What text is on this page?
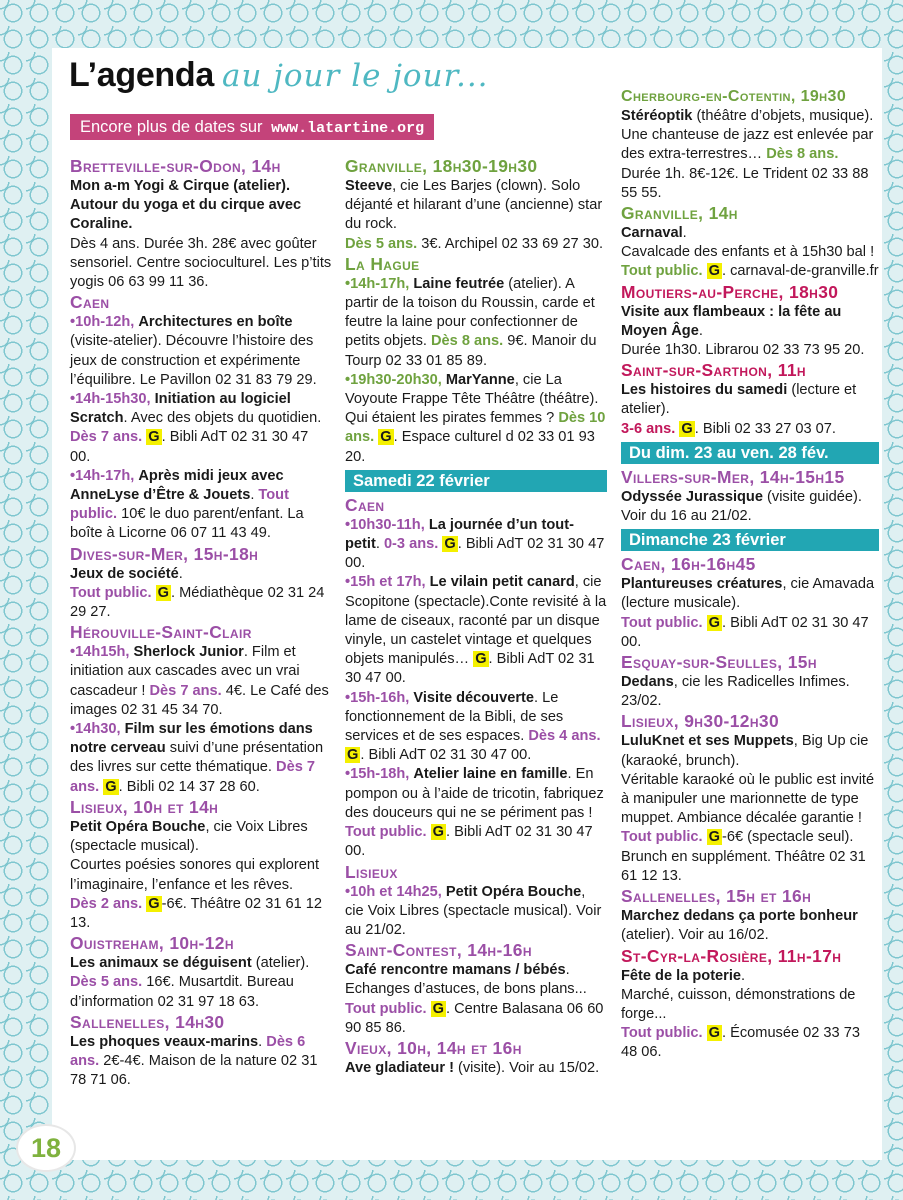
L’agenda au jour le jour...
Encore plus de dates sur www.latartine.org

Bretteville-sur-Odon, 14h

Mon a-m Yogi & Cirque (atelier). Autour du yoga et du cirque avec Coraline.

Dès 4 ans. Durée 3h. 28€ avec goûter sensoriel. Centre socioculturel. Les p’tits yogis 06 63 99 11 36.

Caen

•10h-12h, Architectures en boîte (visite-atelier). Découvre l’histoire des jeux de construction et expérimente l’équilibre. Le Pavillon 02 31 83 79 29.

•14h-15h30, Initiation au logiciel Scratch. Avec des objets du quotidien. Dès 7 ans. G . Bibli AdT 02 31 30 47 00.

•14h-17h, Après midi jeux avec AnneLyse d’Être & Jouets. Tout public. 10€ le duo parent/enfant. La boîte à Licorne 06 07 11 43 49.

Dives-sur-Mer, 15h-18h

Jeux de société.
Tout public. G . Médiathèque 02 31 24 29 27.

Hérouville-Saint-Clair

•14h15h, Sherlock Junior. Film et initiation aux cascades avec un vrai cascadeur ! Dès 7 ans. 4€. Le Café des images 02 31 45 34 70.

•14h30, Film sur les émotions dans notre cerveau suivi d’une présentation des livres sur cette thématique. Dès 7 ans. G . Bibli 02 14 37 28 60.

Lisieux, 10h et 14h

Petit Opéra Bouche, cie Voix Libres (spectacle musical).
Courtes poésies sonores qui explorent l’imaginaire, l’enfance et les rêves.
Dès 2 ans. G -6€. Théâtre 02 31 61 12 13.

Ouistreham, 10h-12h

Les animaux se déguisent (atelier).
Dès 5 ans. 16€. Musartdit. Bureau d’information 02 31 97 18 63.

Sallenelles, 14h30

Les phoques veaux-marins. Dès 6 ans. 2€-4€. Maison de la nature 02 31 78 71 06.

Granville, 18h30-19h30

Steeve, cie Les Barjes (clown). Solo déjanté et hilarant d’une (ancienne) star du rock.
Dès 5 ans. 3€. Archipel 02 33 69 27 30.

La Hague

•14h-17h, Laine feutrée (atelier). A partir de la toison du Roussin, carde et feutre la laine pour confectionner de petits objets. Dès 8 ans. 9€. Manoir du Tourp 02 33 01 85 89.

•19h30-20h30, MarYanne, cie La Voyoute Frappe Tête Théâtre (théâtre). Qui étaient les pirates femmes ? Dès 10 ans. G . Espace culturel d 02 33 01 93 20.

Samedi 22 février

Caen

•10h30-11h, La journée d’un tout-petit. 0-3 ans. G . Bibli AdT 02 31 30 47 00.

•15h et 17h, Le vilain petit canard, cie Scopitone (spectacle).Conte revisité à la lame de ciseaux, raconté par un disque vinyle, un castelet vintage et quelques objets manipulés… G . Bibli AdT 02 31 30 47 00.

•15h-16h, Visite découverte. Le fonctionnement de la Bibli, de ses services et de ses espaces. Dès 4 ans. G . Bibli AdT 02 31 30 47 00.

•15h-18h, Atelier laine en famille. En pompon ou à l’aide de tricotin, fabriquez des douceurs qui ne se périment pas ! Tout public. G . Bibli AdT 02 31 30 47 00.

Lisieux

•10h et 14h25, Petit Opéra Bouche, cie Voix Libres (spectacle musical). Voir au 21/02.

Saint-Contest, 14h-16h

Café rencontre mamans / bébés.
Echanges d’astuces, de bons plans...
Tout public. G . Centre Balasana 06 60 90 85 86.

Vieux, 10h, 14h et 16h

Ave gladiateur ! (visite). Voir au 15/02.

Cherbourg-en-Cotentin, 19h30

Stéréoptik (théâtre d’objets, musique). Une chanteuse de jazz est enlevée par des extra-terrestres… Dès 8 ans.
Durée 1h. 8€-12€. Le Trident 02 33 88 55 55.

Granville, 14h

Carnaval.
Cavalcade des enfants et à 15h30 bal !
Tout public. G . carnaval-de-granville.fr

Moutiers-au-Perche, 18h30

Visite aux flambeaux : la fête au Moyen Âge.
Durée 1h30. Librarou 02 33 73 95 20.

Saint-sur-Sarthon, 11h

Les histoires du samedi (lecture et atelier).
3-6 ans. G . Bibli 02 33 27 03 07.

Du dim. 23 au ven. 28 fév.

Villers-sur-Mer, 14h-15h15

Odyssée Jurassique (visite guidée). Voir du 16 au 21/02.

Dimanche 23 février

Caen, 16h-16h45

Plantureuses créatures, cie Amavada (lecture musicale).
Tout public. G . Bibli AdT 02 31 30 47 00.

Esquay-sur-Seulles, 15h

Dedans, cie les Radicelles Infimes. 23/02.

Lisieux, 9h30-12h30

LuluKnet et ses Muppets, Big Up cie (karaoké, brunch).
Véritable karaoké où le public est invité à manipuler une marionnette de type muppet. Ambiance décalée garantie !
Tout public. G -6€ (spectacle seul). Brunch en supplément. Théâtre 02 31 61 12 13.

Sallenelles, 15h et 16h

Marchez dedans ça porte bonheur (atelier). Voir au 16/02.

St-Cyr-la-Rosière, 11h-17h

Fête de la poterie.
Marché, cuisson, démonstrations de forge...
Tout public. G . Écomusée 02 33 73 48 06.

18
